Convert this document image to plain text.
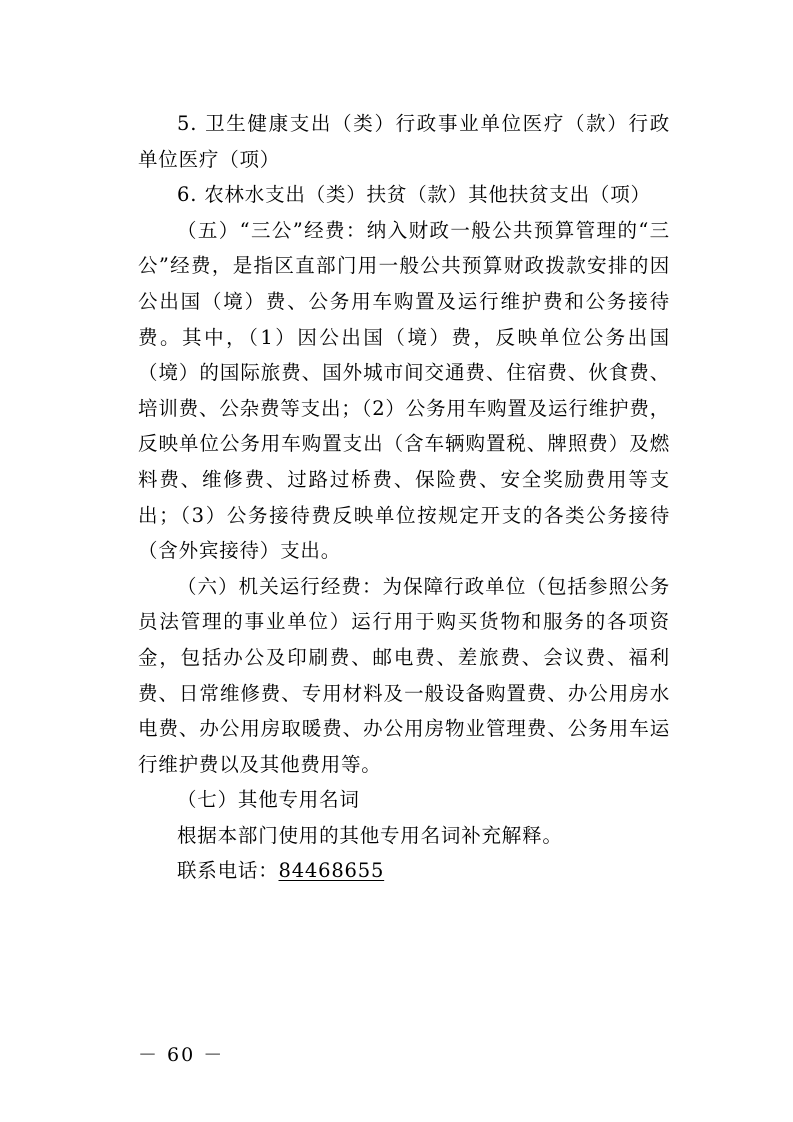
5. 卫生健康支出（类）行政事业单位医疗（款）行政单位医疗（项）

6. 农林水支出（类）扶贫（款）其他扶贫支出（项）

（五）“三公”经费：纳入财政一般公共预算管理的“三公”经费，是指区直部门用一般公共预算财政拨款安排的因公出国（境）费、公务用车购置及运行维护费和公务接待费。其中，（1）因公出国（境）费，反映单位公务出国（境）的国际旅费、国外城市间交通费、住宿费、伙食费、培训费、公杂费等支出；（2）公务用车购置及运行维护费，反映单位公务用车购置支出（含车辆购置税、牌照费）及燃料费、维修费、过路过桥费、保险费、安全奖励费用等支出；（3）公务接待费反映单位按规定开支的各类公务接待（含外宾接待）支出。

（六）机关运行经费：为保障行政单位（包括参照公务员法管理的事业单位）运行用于购买货物和服务的各项资金，包括办公及印刷费、邮电费、差旅费、会议费、福利费、日常维修费、专用材料及一般设备购置费、办公用房水电费、办公用房取暖费、办公用房物业管理费、公务用车运行维护费以及其他费用等。

（七）其他专用名词

根据本部门使用的其他专用名词补充解释。

联系电话：84468655

－ 60 －
